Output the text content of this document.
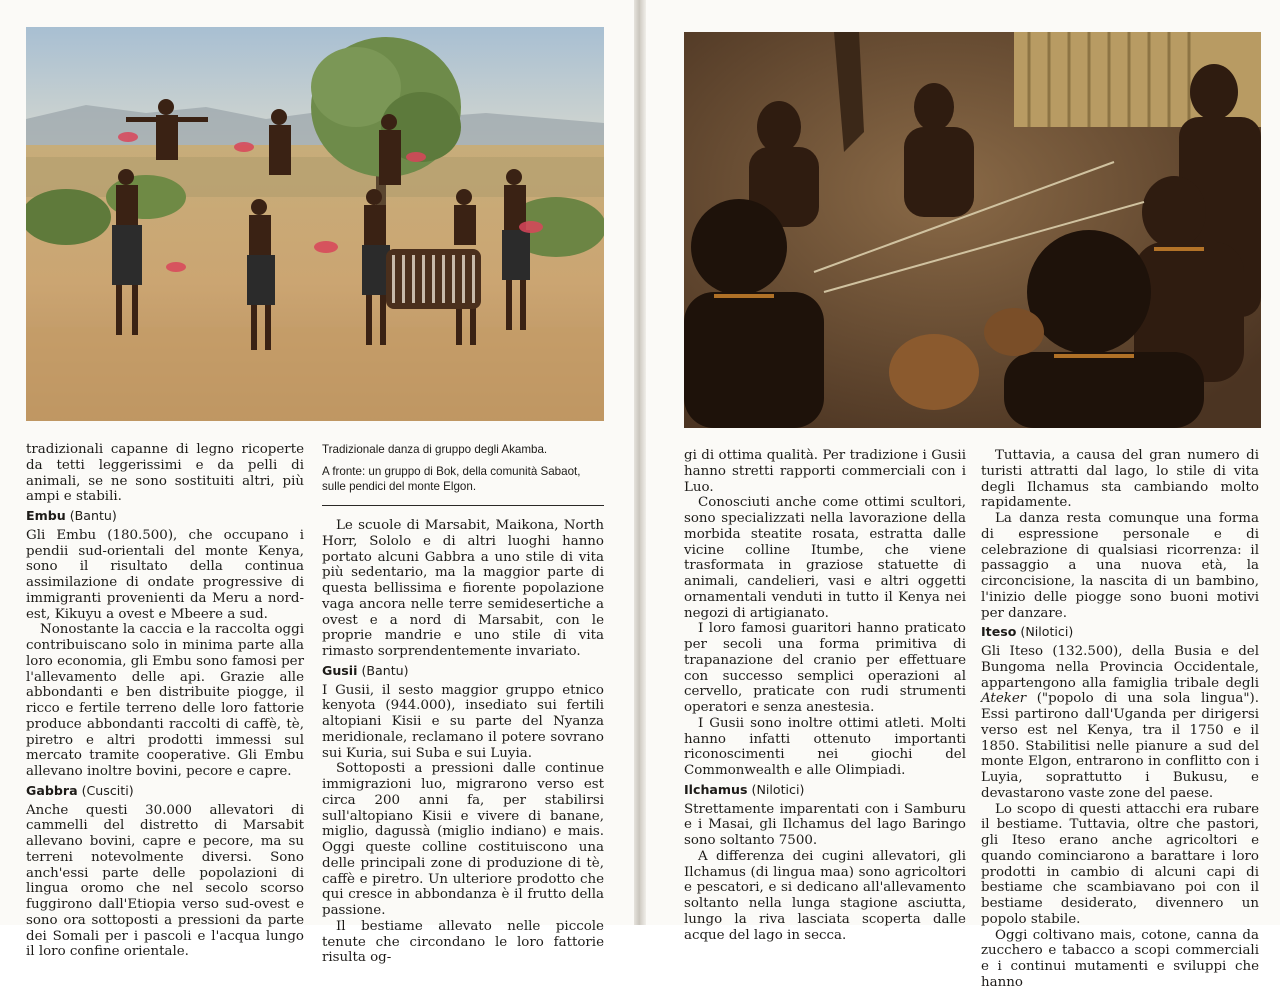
tradizionali capanne di legno ricoperte da tetti leggerissimi e da pelli di animali, se ne sono sostituiti altri, più ampi e stabili.

Embu (Bantu)

Gli Embu (180.500), che occupano i pendii sud-orientali del monte Kenya, sono il risultato della continua assimilazione di ondate progressive di immigranti provenienti da Meru a nord-est, Kikuyu a ovest e Mbeere a sud.

Nonostante la caccia e la raccolta oggi contribuiscano solo in minima parte alla loro economia, gli Embu sono famosi per l'allevamento delle api. Grazie alle abbondanti e ben distribuite piogge, il ricco e fertile terreno delle loro fattorie produce abbondanti raccolti di caffè, tè, piretro e altri prodotti immessi sul mercato tramite cooperative. Gli Embu allevano inoltre bovini, pecore e capre.

Gabbra (Cusciti)

Anche questi 30.000 allevatori di cammelli del distretto di Marsabit allevano bovini, capre e pecore, ma su terreni notevolmente diversi. Sono anch'essi parte delle popolazioni di lingua oromo che nel secolo scorso fuggirono dall'Etiopia verso sud-ovest e sono ora sottoposti a pressioni da parte dei Somali per i pascoli e l'acqua lungo il loro confine orientale.

Tradizionale danza di gruppo degli Akamba.
A fronte: un gruppo di Bok, della comunità Sabaot, sulle pendici del monte Elgon.

Le scuole di Marsabit, Maikona, North Horr, Sololo e di altri luoghi hanno portato alcuni Gabbra a uno stile di vita più sedentario, ma la maggior parte di questa bellissima e fiorente popolazione vaga ancora nelle terre semidesertiche a ovest e a nord di Marsabit, con le proprie mandrie e uno stile di vita rimasto sorprendentemente invariato.

Gusii (Bantu)

I Gusii, il sesto maggior gruppo etnico kenyota (944.000), insediato sui fertili altopiani Kisii e su parte del Nyanza meridionale, reclamano il potere sovrano sui Kuria, sui Suba e sui Luyia.

Sottoposti a pressioni dalle continue immigrazioni luo, migrarono verso est circa 200 anni fa, per stabilirsi sull'altopiano Kisii e vivere di banane, miglio, dagussà (miglio indiano) e mais. Oggi queste colline costituiscono una delle principali zone di produzione di tè, caffè e piretro. Un ulteriore prodotto che qui cresce in abbondanza è il frutto della passione.

Il bestiame allevato nelle piccole tenute che circondano le loro fattorie risulta og-

gi di ottima qualità. Per tradizione i Gusii hanno stretti rapporti commerciali con i Luo.

Conosciuti anche come ottimi scultori, sono specializzati nella lavorazione della morbida steatite rosata, estratta dalle vicine colline Itumbe, che viene trasformata in graziose statuette di animali, candelieri, vasi e altri oggetti ornamentali venduti in tutto il Kenya nei negozi di artigianato.

I loro famosi guaritori hanno praticato per secoli una forma primitiva di trapanazione del cranio per effettuare con successo semplici operazioni al cervello, praticate con rudi strumenti operatori e senza anestesia.

I Gusii sono inoltre ottimi atleti. Molti hanno infatti ottenuto importanti riconoscimenti nei giochi del Commonwealth e alle Olimpiadi.

Ilchamus (Nilotici)

Strettamente imparentati con i Samburu e i Masai, gli Ilchamus del lago Baringo sono soltanto 7500.

A differenza dei cugini allevatori, gli Ilchamus (di lingua maa) sono agricoltori e pescatori, e si dedicano all'allevamento soltanto nella lunga stagione asciutta, lungo la riva lasciata scoperta dalle acque del lago in secca.

Tuttavia, a causa del gran numero di turisti attratti dal lago, lo stile di vita degli Ilchamus sta cambiando molto rapidamente.

La danza resta comunque una forma di espressione personale e di celebrazione di qualsiasi ricorrenza: il passaggio a una nuova età, la circoncisione, la nascita di un bambino, l'inizio delle piogge sono buoni motivi per danzare.

Iteso (Nilotici)

Gli Iteso (132.500), della Busia e del Bungoma nella Provincia Occidentale, appartengono alla famiglia tribale degli Ateker ("popolo di una sola lingua"). Essi partirono dall'Uganda per dirigersi verso est nel Kenya, tra il 1750 e il 1850. Stabilitisi nelle pianure a sud del monte Elgon, entrarono in conflitto con i Luyia, soprattutto i Bukusu, e devastarono vaste zone del paese.

Lo scopo di questi attacchi era rubare il bestiame. Tuttavia, oltre che pastori, gli Iteso erano anche agricoltori e quando cominciarono a barattare i loro prodotti in cambio di alcuni capi di bestiame che scambiavano poi con il bestiame desiderato, divennero un popolo stabile.

Oggi coltivano mais, cotone, canna da zucchero e tabacco a scopi commerciali e i continui mutamenti e sviluppi che hanno
